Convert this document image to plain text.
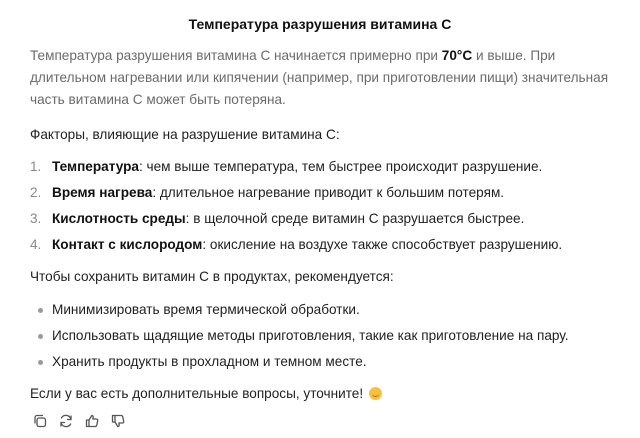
Температура разрушения витамина С

Температура разрушения витамина С начинается примерно при 70°C и выше. При длительном нагревании или кипячении (например, при приготовлении пищи) значительная часть витамина С может быть потеряна.

Факторы, влияющие на разрушение витамина С:

1. Температура: чем выше температура, тем быстрее происходит разрушение.
2. Время нагрева: длительное нагревание приводит к большим потерям.
3. Кислотность среды: в щелочной среде витамин С разрушается быстрее.
4. Контакт с кислородом: окисление на воздухе также способствует разрушению.

Чтобы сохранить витамин С в продуктах, рекомендуется:

Минимизировать время термической обработки.
Использовать щадящие методы приготовления, такие как приготовление на пару.
Хранить продукты в прохладном и темном месте.

Если у вас есть дополнительные вопросы, уточните!
